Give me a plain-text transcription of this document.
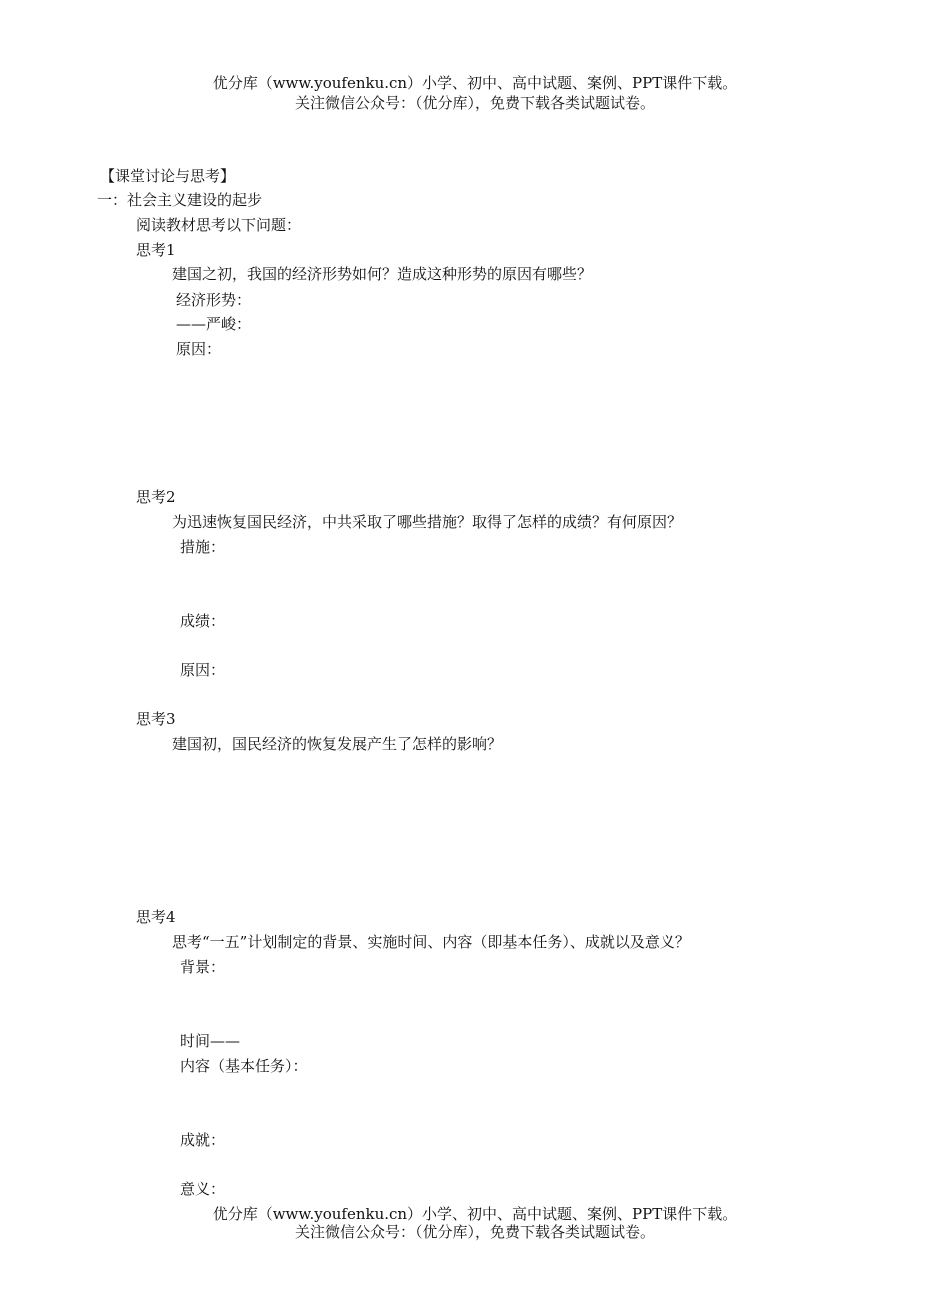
优分库（www.youfenku.cn）小学、初中、高中试题、案例、PPT课件下载。
关注微信公众号：（优分库），免费下载各类试题试卷。
【课堂讨论与思考】
一：社会主义建设的起步
阅读教材思考以下问题：
思考1
建国之初，我国的经济形势如何？造成这种形势的原因有哪些？
经济形势：
——严峻：
原因：
思考2
为迅速恢复国民经济，中共采取了哪些措施？取得了怎样的成绩？有何原因？
措施：
成绩：
原因：
思考3
建国初，国民经济的恢复发展产生了怎样的影响？
思考4
思考“一五”计划制定的背景、实施时间、内容（即基本任务）、成就以及意义？
背景：
时间——
内容（基本任务）：
成就：
意义：
优分库（www.youfenku.cn）小学、初中、高中试题、案例、PPT课件下载。
关注微信公众号：（优分库），免费下载各类试题试卷。
